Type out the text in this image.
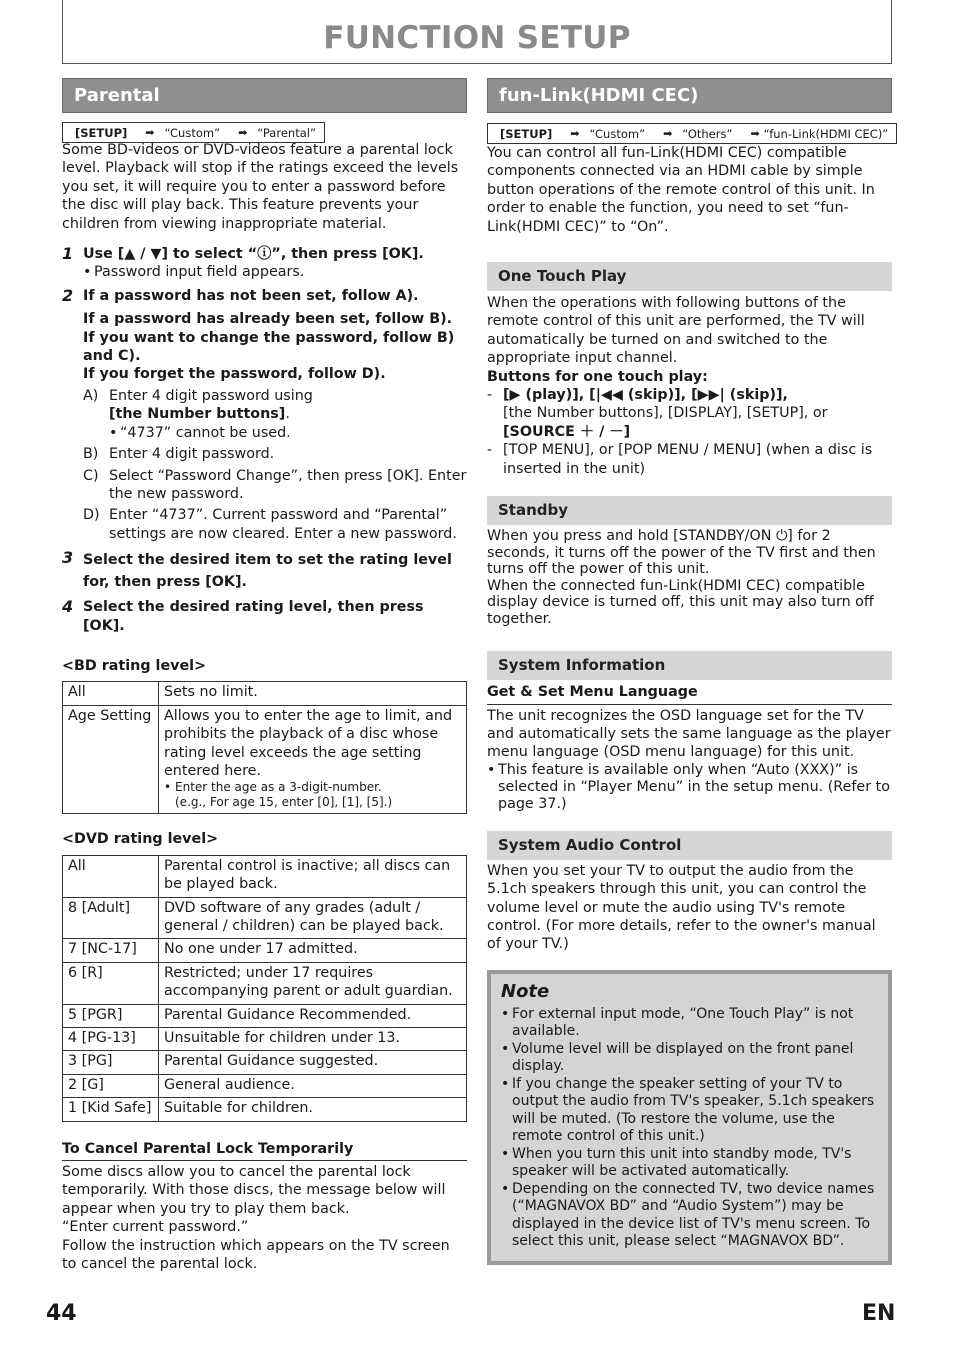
FUNCTION SETUP
Parental
[SETUP] ➡ “Custom” ➡ “Parental”

Some BD-videos or DVD-videos feature a parental lock level. Playback will stop if the ratings exceed the levels you set, it will require you to enter a password before the disc will play back. This feature prevents your children from viewing inappropriate material.

1 Use [▲ / ▼] to select “ⓘ”, then press [OK].
• Password input field appears.
2 If a password has not been set, follow A).
If a password has already been set, follow B).
If you want to change the password, follow B) and C).
If you forget the password, follow D).
A) Enter 4 digit password using
[the Number buttons].
• “4737” cannot be used.
B) Enter 4 digit password.
C) Select “Password Change”, then press [OK]. Enter the new password.
D) Enter “4737”. Current password and “Parental” settings are now cleared. Enter a new password.
3 Select the desired item to set the rating level for, then press [OK].
4 Select the desired rating level, then press [OK].
<BD rating level>
All	Sets no limit.
Age Setting	Allows you to enter the age to limit, and prohibits the playback of a disc whose rating level exceeds the age setting entered here.
• Enter the age as a 3-digit-number.
(e.g., For age 15, enter [0], [1], [5].)
<DVD rating level>
All	Parental control is inactive; all discs can be played back.
8 [Adult]	DVD software of any grades (adult / general / children) can be played back.
7 [NC-17]	No one under 17 admitted.
6 [R]	Restricted; under 17 requires accompanying parent or adult guardian.
5 [PGR]	Parental Guidance Recommended.
4 [PG-13]	Unsuitable for children under 13.
3 [PG]	Parental Guidance suggested.
2 [G]	General audience.
1 [Kid Safe]	Suitable for children.
To Cancel Parental Lock Temporarily

Some discs allow you to cancel the parental lock temporarily. With those discs, the message below will appear when you try to play them back.

“Enter current password.”

Follow the instruction which appears on the TV screen to cancel the parental lock.

fun-Link(HDMI CEC)
[SETUP] ➡ “Custom” ➡ “Others” ➡ “fun-Link(HDMI CEC)”

You can control all fun-Link(HDMI CEC) compatible components connected via an HDMI cable by simple button operations of the remote control of this unit. In order to enable the function, you need to set “fun-Link(HDMI CEC)” to “On”.

One Touch Play

When the operations with following buttons of the remote control of this unit are performed, the TV will automatically be turned on and switched to the appropriate input channel.

Buttons for one touch play:
- [▶ (play)], [|◀◀ (skip)], [▶▶| (skip)],
[the Number buttons], [DISPLAY], [SETUP], or
[SOURCE ＋ / －]
- [TOP MENU], or [POP MENU / MENU] (when a disc is inserted in the unit)
Standby

When you press and hold [STANDBY/ON ⏻] for 2 seconds, it turns off the power of the TV first and then turns off the power of this unit.

When the connected fun-Link(HDMI CEC) compatible display device is turned off, this unit may also turn off together.

System Information
Get & Set Menu Language

The unit recognizes the OSD language set for the TV and automatically sets the same language as the player menu language (OSD menu language) for this unit.

• This feature is available only when “Auto (XXX)” is selected in “Player Menu” in the setup menu. (Refer to page 37.)
System Audio Control

When you set your TV to output the audio from the 5.1ch speakers through this unit, you can control the volume level or mute the audio using TV's remote control. (For more details, refer to the owner's manual of your TV.)

Note
• For external input mode, “One Touch Play” is not available.
• Volume level will be displayed on the front panel display.
• If you change the speaker setting of your TV to output the audio from TV's speaker, 5.1ch speakers will be muted. (To restore the volume, use the remote control of this unit.)
• When you turn this unit into standby mode, TV's speaker will be activated automatically.
• Depending on the connected TV, two device names (“MAGNAVOX BD” and “Audio System”) may be displayed in the device list of TV's menu screen. To select this unit, please select “MAGNAVOX BD”.
44	EN
